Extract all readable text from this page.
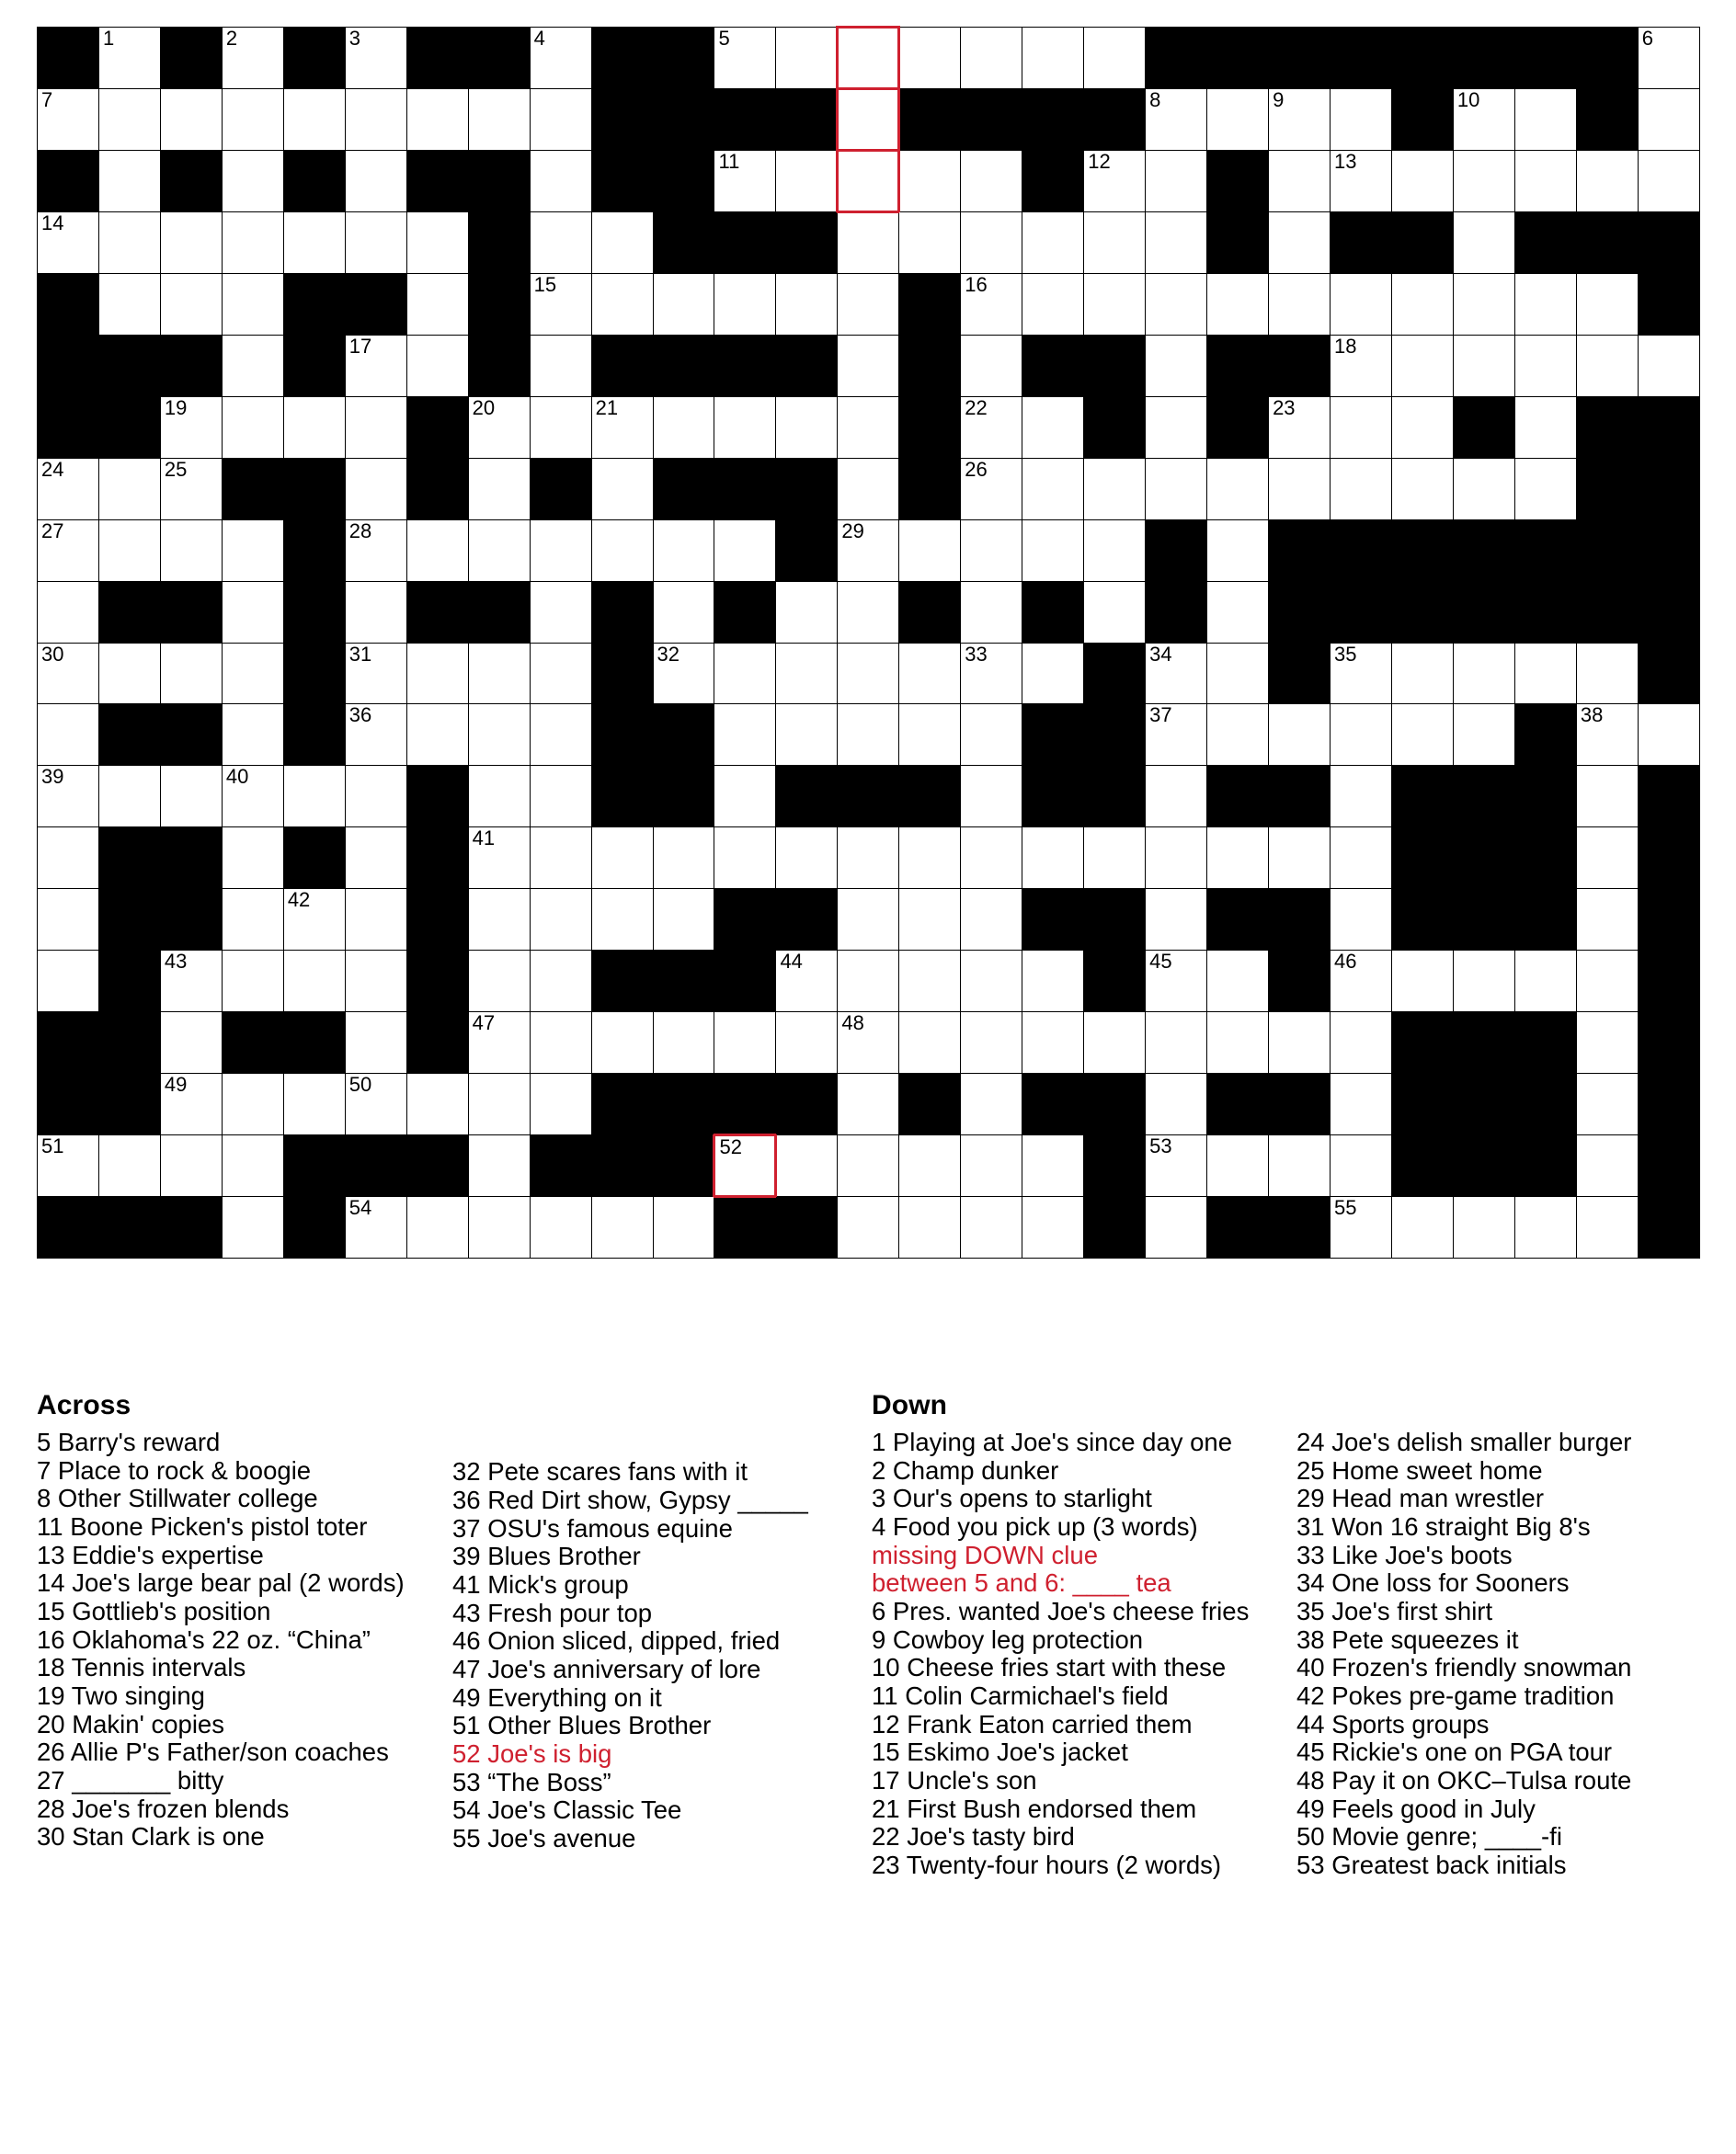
	1		2		3			4			5															6

7																		8		9			10			

											11						12				13					

14																										

								15							16											

					17																18					

		19					20		21						22					23						

24		25													26											

27					28								29													

30					31					32					33			34			35					

					36													37							38	

39			40																							

							41																			

				42																						

		43										44						45			46					

							47						48													

		49			50																					

51											52							53								

					54																55					

Across
5 Barry's reward
7 Place to rock & boogie
8 Other Stillwater college
11 Boone Picken's pistol toter
13 Eddie's expertise
14 Joe's large bear pal (2 words)
15 Gottlieb's position
16 Oklahoma's 22 oz. “China”
18 Tennis intervals
19 Two singing
20 Makin' copies
26 Allie P's Father/son coaches
27 _______ bitty
28 Joe's frozen blends
30 Stan Clark is one
32 Pete scares fans with it
36 Red Dirt show, Gypsy _____
37 OSU's famous equine
39 Blues Brother
41 Mick's group
43 Fresh pour top
46 Onion sliced, dipped, fried
47 Joe's anniversary of lore
49 Everything on it
51 Other Blues Brother
52 Joe's is big
53 “The Boss”
54 Joe's Classic Tee
55 Joe's avenue
Down
1 Playing at Joe's since day one
2 Champ dunker
3 Our's opens to starlight
4 Food you pick up (3 words)
missing DOWN clue
between 5 and 6: ____ tea
6 Pres. wanted Joe's cheese fries
9 Cowboy leg protection
10 Cheese fries start with these
11 Colin Carmichael's field
12 Frank Eaton carried them
15 Eskimo Joe's jacket
17 Uncle's son
21 First Bush endorsed them
22 Joe's tasty bird
23 Twenty-four hours (2 words)
24 Joe's delish smaller burger
25 Home sweet home
29 Head man wrestler
31 Won 16 straight Big 8's
33 Like Joe's boots
34 One loss for Sooners
35 Joe's first shirt
38 Pete squeezes it
40 Frozen's friendly snowman
42 Pokes pre-game tradition
44 Sports groups
45 Rickie's one on PGA tour
48 Pay it on OKC–Tulsa route
49 Feels good in July
50 Movie genre; ____-fi
53 Greatest back initials
